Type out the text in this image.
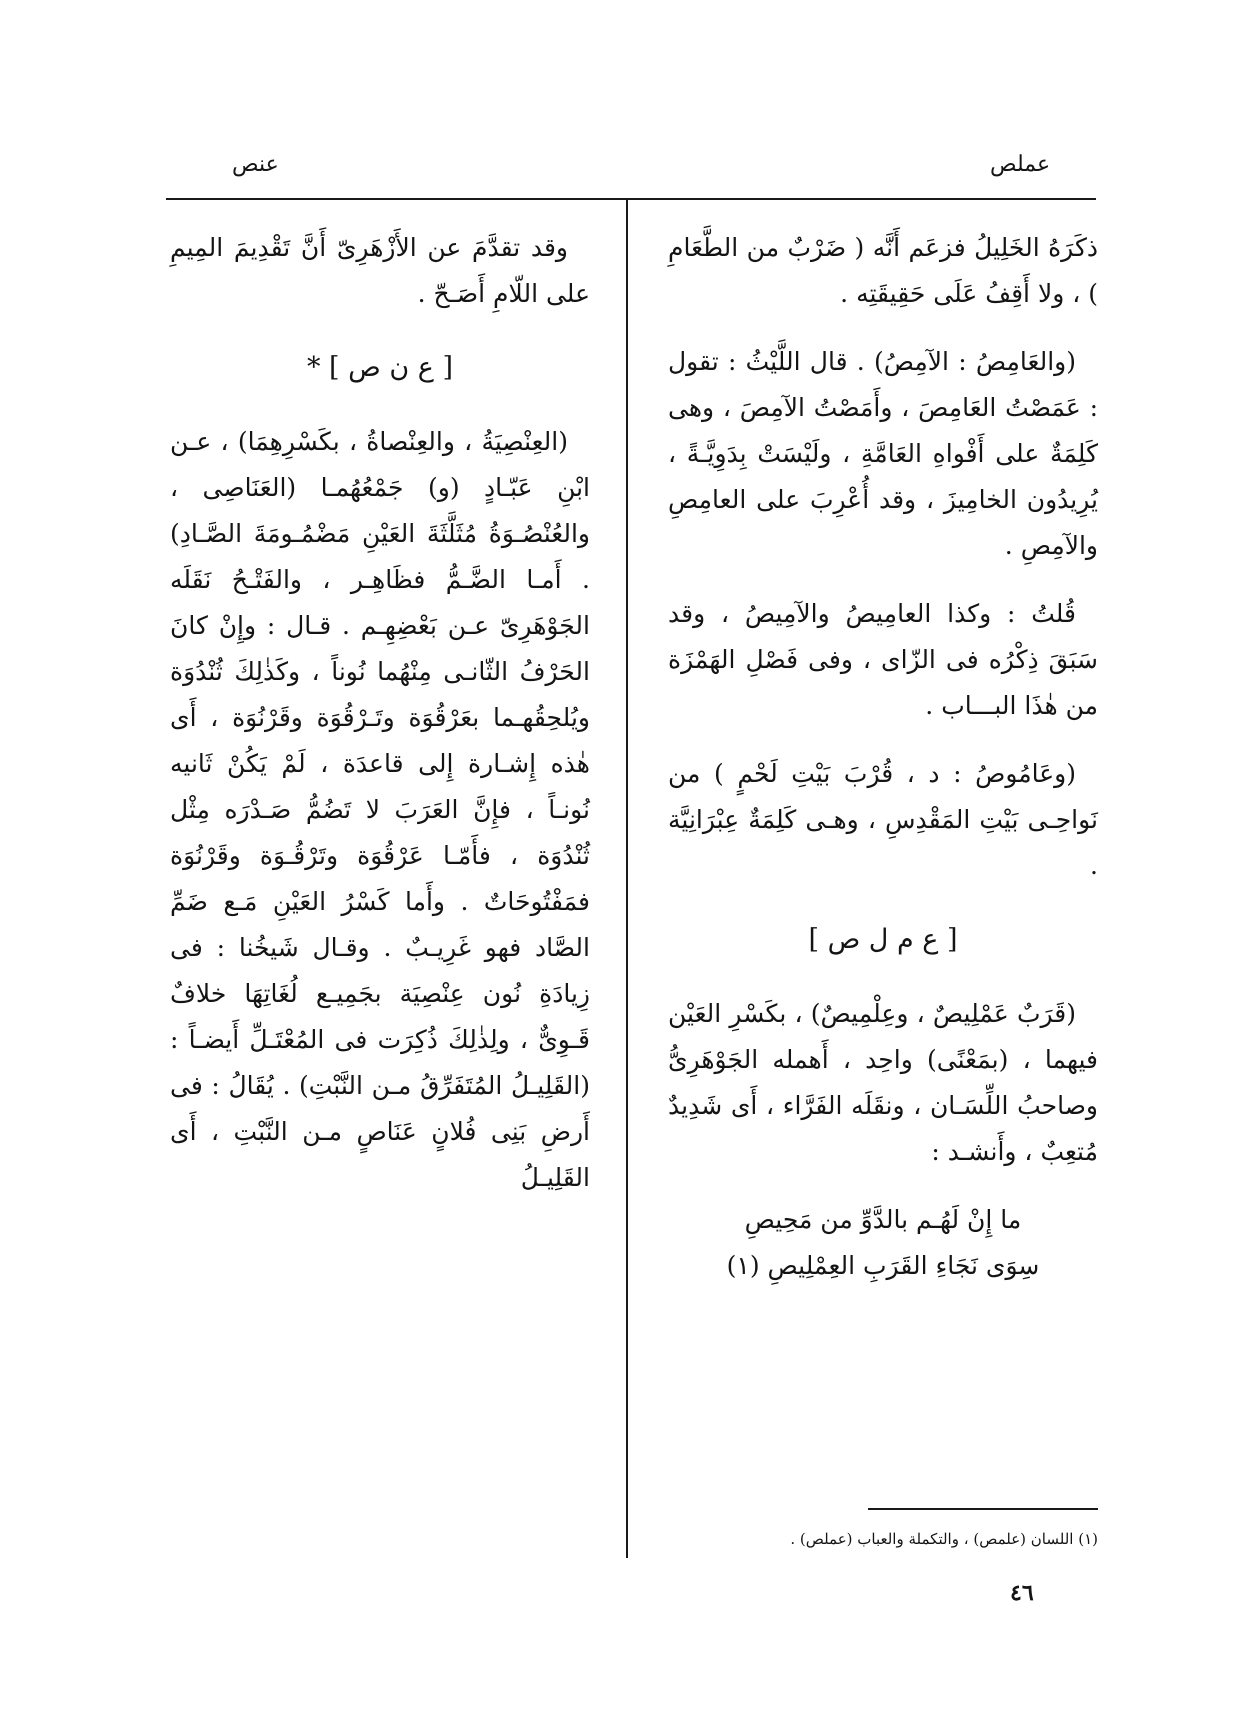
عملص
عنص

ذكَرَهُ الخَلِيلُ فزعَم أَنَّه ( ضَرْبٌ من الطَّعَامِ ) ، ولا أَقِفُ عَلَى حَقِيقَتِه .

(والعَامِصُ : الآمِصُ) . قال اللَّيْثُ : تقول : عَمَصْتُ العَامِصَ ، وأَمَصْتُ الآمِصَ ، وهى كَلِمَةٌ على أَفْواهِ العَامَّةِ ، ولَيْسَتْ بِدَوِيَّـةً ، يُرِيدُون الخامِيزَ ، وقد أُعْرِبَ على العامِصِ والآمِصِ .

قُلتُ : وكذا العامِيصُ والآمِيصُ ، وقد سَبَقَ ذِكْرُه فى الزّاى ، وفى فَصْلِ الهَمْزَة من هٰذَا البـــاب .

(وعَامُوصُ : د ، قُرْبَ بَيْتِ لَحْمٍ ) من نَواحِـى بَيْتِ المَقْدِسِ ، وهـى كَلِمَةٌ عِبْرَانِيَّة .

[ ع م ل ص ]

(قَرَبٌ عَمْلِيصٌ ، وعِلْمِيصٌ) ، بكَسْرِ العَيْن فيهما ، (بمَعْنًى) واحِد ، أَهمله الجَوْهَرِىُّ وصاحبُ اللِّسَـان ، ونقَلَه الفَرَّاء ، أَى شَدِيدٌ مُتعِبٌ ، وأَنشـد :

ما إِنْ لَهُـم بالدَّوِّ من مَحِيصِ

سِوَى نَجَاءِ القَرَبِ العِمْلِيصِ (١)

وقد تقدَّمَ عن الأَزْهَرِىّ أَنَّ تَقْدِيمَ المِيمِ على اللّامِ أَصَـحّ .

[ ع ن ص ] *

(العِنْصِيَةُ ، والعِنْصاةُ ، بكَسْرِهِمَا) ، عـن ابْنِ عَبّـادٍ (و) جَمْعُهُمـا (العَنَاصِى ، والعُنْصُـوَةُ مُثَلَّثَةَ العَيْنِ مَضْمُـومَةَ الصَّـادِ) . أَمـا الضَّـمُّ فظَاهِـر ، والفَتْـحُ نَقَلَه الجَوْهَرِىّ عـن بَعْضِهِـم . قـال : وإِنْ كانَ الحَرْفُ الثّانـى مِنْهُما نُوناً ، وكَذٰلِكَ ثُنْدُوَة ويُلحِقُهـما بعَرْقُوَة وتَـرْقُوَة وقَرْنُوَة ، أَى هٰذه إِشـارة إِلى قاعدَة ، لَمْ يَكُنْ ثَانيه نُونـاً ، فإِنَّ العَرَبَ لا تَضُمُّ صَـدْرَه مِثْل ثُنْدُوَة ، فأَمّـا عَرْقُوَة وتَرْقُـوَة وقَرْنُوَة فمَفْتُوحَاتٌ . وأَما كَسْرُ العَيْنِ مَـع ضَمِّ الصَّاد فهو غَرِيـبٌ . وقـال شَيخُنا : فى زِيادَةِ نُون عِنْصِيَة بجَمِيـع لُغَاتِهَا خلافٌ قَـوِىٌّ ، ولِذٰلِكَ ذُكِرَت فى المُعْتَـلِّ أَيضـاً : (القَلِيـلُ المُتَفَرِّقُ مـن النَّبْتِ) . يُقَالُ : فى أَرضِ بَنِى فُلانٍ عَنَاصٍ مـن النَّبْتِ ، أَى القَلِيـلُ

(١) اللسان (علمص) ، والتكملة والعباب (عملص) .
٤٦
